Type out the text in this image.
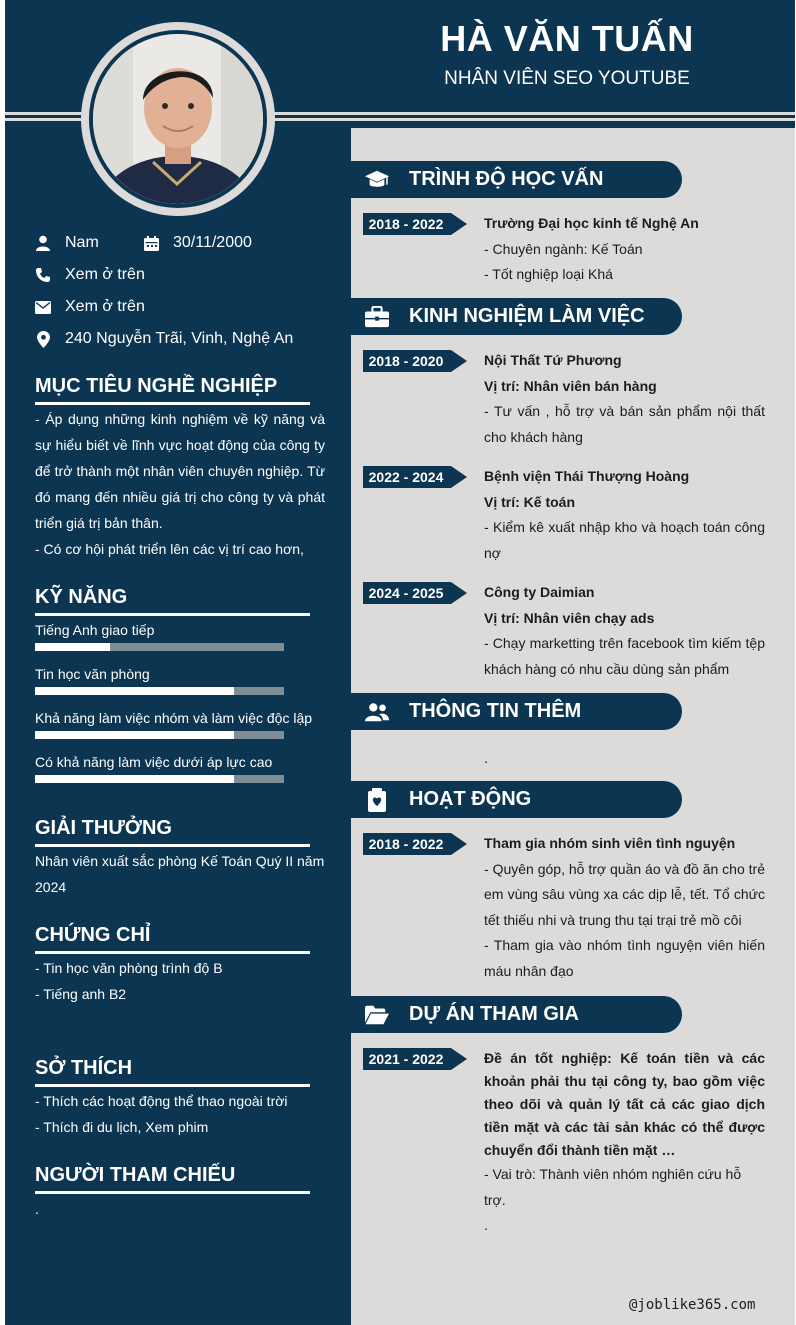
HÀ VĂN TUẤN
NHÂN VIÊN SEO YOUTUBE
Nam	30/11/2000
Xem ở trên
Xem ở trên
240 Nguyễn Trãi, Vinh, Nghệ An
MỤC TIÊU NGHỀ NGHIỆP
- Áp dụng những kinh nghiệm về kỹ năng và sự hiểu biết về lĩnh vực hoạt động của công ty để trở thành một nhân viên chuyên nghiệp. Từ đó mang đến nhiều giá trị cho công ty và phát triển giá trị bản thân.
- Có cơ hội phát triển lên các vị trí cao hơn,
KỸ NĂNG
Tiếng Anh giao tiếp
Tin học văn phòng
Khả năng làm việc nhóm và làm việc độc lập
Có khả năng làm việc dưới áp lực cao
GIẢI THƯỞNG
Nhân viên xuất sắc phòng Kế Toán Quý II năm 2024
CHỨNG CHỈ
- Tin học văn phòng trình độ B
- Tiếng anh B2
SỞ THÍCH
- Thích các hoạt động thể thao ngoài trời
- Thích đi du lịch, Xem phim
NGƯỜI THAM CHIẾU
.
TRÌNH ĐỘ HỌC VẤN
2018 - 2022	Trường Đại học kinh tế Nghệ An
- Chuyên ngành: Kế Toán
- Tốt nghiệp loại Khá
KINH NGHIỆM LÀM VIỆC
2018 - 2020	Nội Thất Tứ Phương
Vị trí: Nhân viên bán hàng
- Tư vấn , hỗ trợ và bán sản phẩm nội thất cho khách hàng
2022 - 2024	Bệnh viện Thái Thượng Hoàng
Vị trí: Kế toán
- Kiểm kê xuất nhập kho và hoạch toán công nợ
2024 - 2025	Công ty Daimian
Vị trí: Nhân viên chạy ads
- Chạy marketting trên facebook tìm kiếm tệp khách hàng có nhu cầu dùng sản phẩm
THÔNG TIN THÊM
.
HOẠT ĐỘNG
2018 - 2022	Tham gia nhóm sinh viên tình nguyện
- Quyên góp, hỗ trợ quần áo và đồ ăn cho trẻ em vùng sâu vùng xa các dịp lễ, tết. Tổ chức tết thiếu nhi và trung thu tại trại trẻ mồ côi
- Tham gia vào nhóm tình nguyện viên hiến máu nhân đạo
DỰ ÁN THAM GIA
2021 - 2022	Đề án tốt nghiệp: Kế toán tiền và các khoản phải thu tại công ty, bao gồm việc theo dõi và quản lý tất cả các giao dịch tiền mặt và các tài sản khác có thể được chuyển đổi thành tiền mặt …
- Vai trò: Thành viên nhóm nghiên cứu hỗ trợ.
.
@joblike365.com
